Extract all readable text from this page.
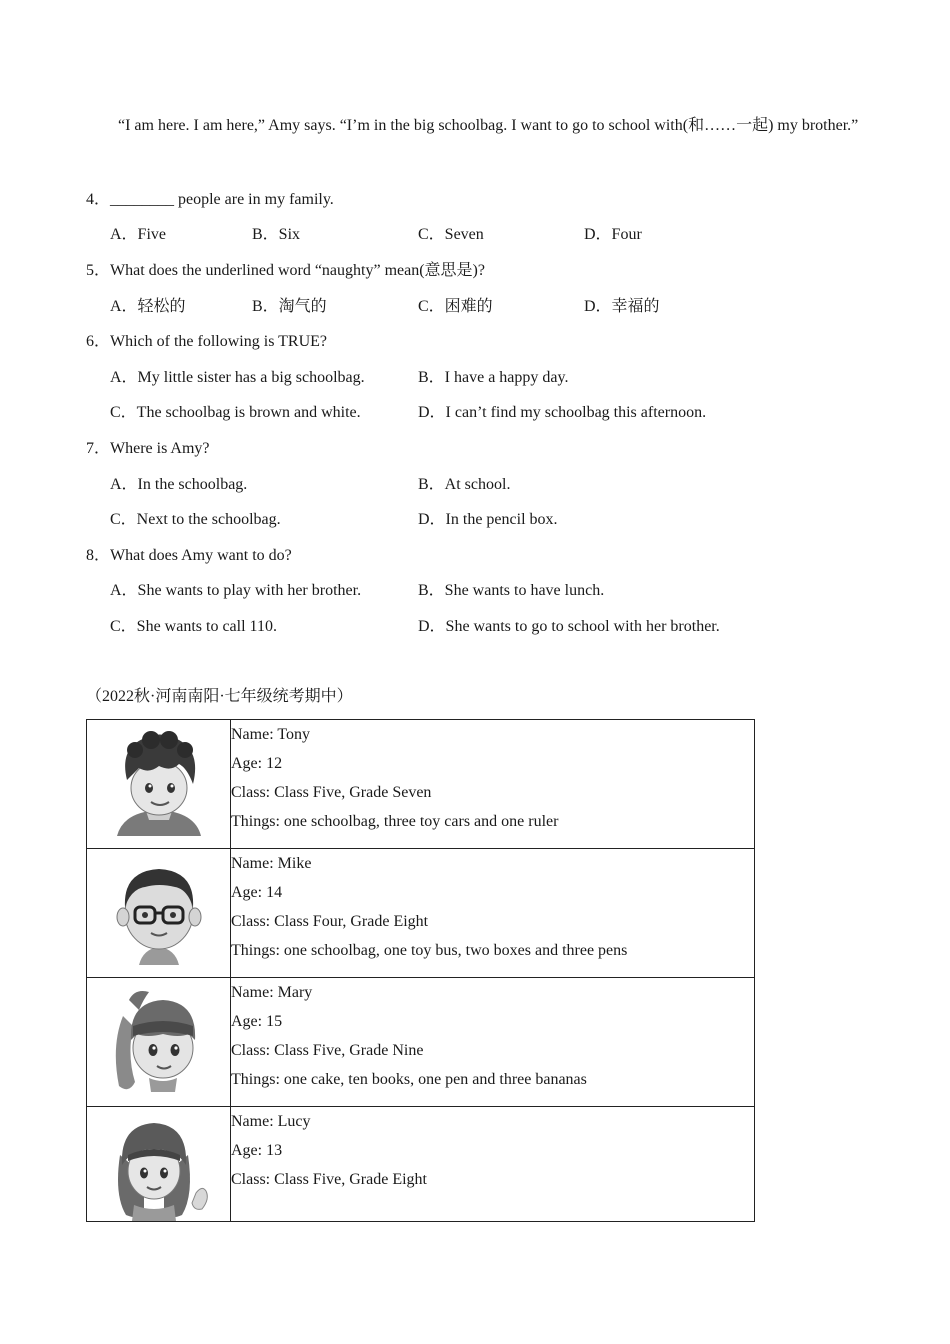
“I am here. I am here,” Amy says. “I’m in the big schoolbag. I want to go to school with(和……一起) my brother.”
4．________ people are in my family.
A．Five	B．Six	C．Seven	D．Four
5．What does the underlined word “naughty” mean(意思是)?
A．轻松的	B．淘气的	C．困难的	D．幸福的
6．Which of the following is TRUE?
A．My little sister has a big schoolbag.	B．I have a happy day.
C．The schoolbag is brown and white.	D．I can’t find my schoolbag this afternoon.
7．Where is Amy?
A．In the schoolbag.	B．At school.
C．Next to the schoolbag.	D．In the pencil box.
8．What does Amy want to do?
A．She wants to play with her brother.	B．She wants to have lunch.
C．She wants to call 110.	D．She wants to go to school with her brother.
（2022秋·河南南阳·七年级统考期中）

Name: Tony
Age: 12
Class: Class Five, Grade Seven
Things: one schoolbag, three toy cars and one ruler

Name: Mike
Age: 14
Class: Class Four, Grade Eight
Things: one schoolbag, one toy bus, two boxes and three pens

Name: Mary
Age: 15
Class: Class Five, Grade Nine
Things: one cake, ten books, one pen and three bananas

Name: Lucy
Age: 13
Class: Class Five, Grade Eight
